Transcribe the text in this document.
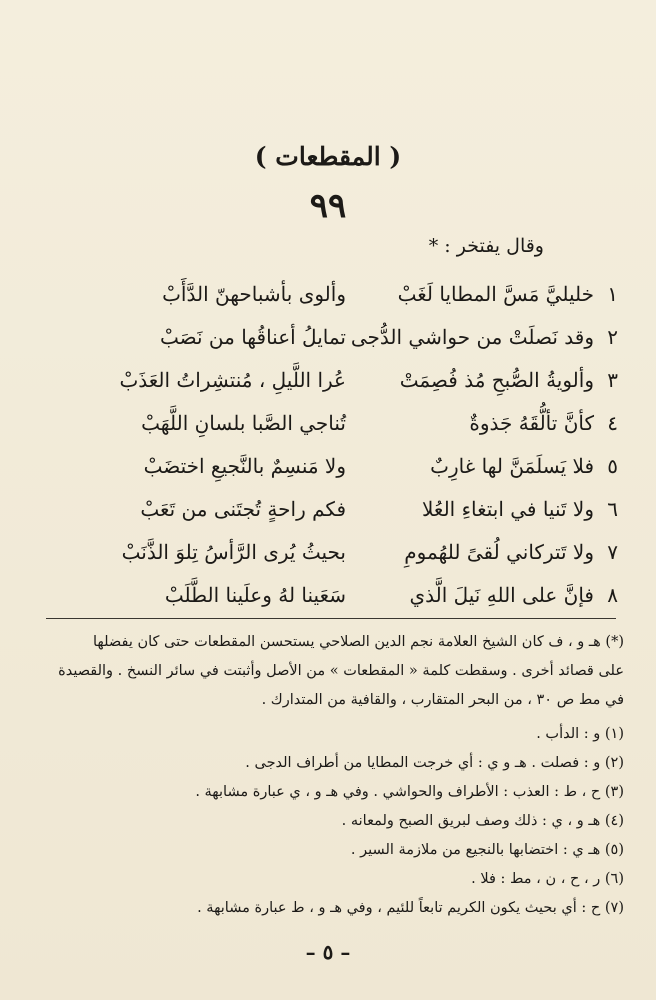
( المقطعات )
٩٩
وقال يفتخر : *
١
خليليَّ مَسَّ المطايا لَغَبْ
وألوى بأشباحهنّ الدَّأَبْ
٢
وقد نَصلَتْ من حواشي الدُّجى
تمايلُ أعناقُها من نَصَبْ
٣
وألويةُ الصُّبحِ مُذ فُصِمَتْ
عُرا اللَّيلِ ، مُنتشِراتُ العَذَبْ
٤
كأنَّ تألُّقَهُ جَذوةٌ
تُناجي الصَّبا بلسانِ اللَّهَبْ
٥
فلا يَسلَمَنَّ لها غارِبٌ
ولا مَنسِمٌ بالنَّجيعِ اختضَبْ
٦
ولا تَنيا في ابتغاءِ العُلا
فكم راحةٍ تُجتَنى من تَعَبْ
٧
ولا تَتركاني لُقىً للهُمومِ
بحيثُ يُرى الرَّأسُ تِلوَ الذَّنَبْ
٨
فإنَّ على اللهِ نَيلَ الَّذي
سَعَينا لهُ وعلَينا الطَّلَبْ
(*) هـ و ، ف كان الشيخ العلامة نجم الدين الصلاحي يستحسن المقطعات حتى كان يفضلها
على قصائد أخرى . وسقطت كلمة « المقطعات » من الأصل وأثبتت في سائر النسخ . والقصيدة
في مط ص ٣٠ ، من البحر المتقارب ، والقافية من المتدارك .
(١) و : الدأب .
(٢) و : فصلت . هـ و ي : أي خرجت المطايا من أطراف الدجى .
(٣) ح ، ط : العذب : الأطراف والحواشي . وفي هـ و ، ي عبارة مشابهة .
(٤) هـ و ، ي : ذلك وصف لبريق الصبح ولمعانه .
(٥) هـ ي : اختضابها بالنجيع من ملازمة السير .
(٦) ر ، ح ، ن ، مط : فلا .
(٧) ح : أي بحيث يكون الكريم تابعاً للئيم ، وفي هـ و ، ط عبارة مشابهة .
– ٥ –
